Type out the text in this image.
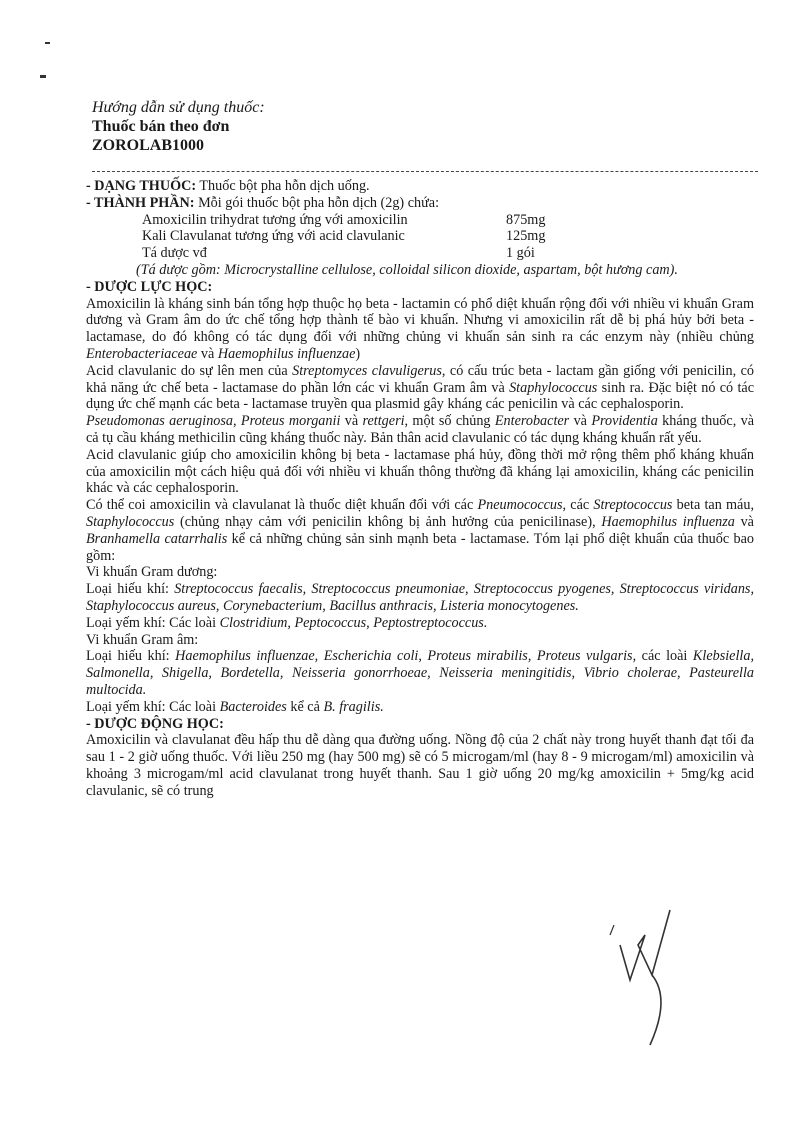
Hướng dẫn sử dụng thuốc:
Thuốc bán theo đơn
ZOROLAB1000

- DẠNG THUỐC: Thuốc bột pha hỗn dịch uống.

- THÀNH PHẦN: Mỗi gói thuốc bột pha hỗn dịch (2g) chứa:

Amoxicilin trihydrat tương ứng với amoxicilin	875mg
Kali Clavulanat tương ứng với acid clavulanic	125mg
Tá dược vđ	1 gói

(Tá dược gồm: Microcrystalline cellulose, colloidal silicon dioxide, aspartam, bột hương cam).

- DƯỢC LỰC HỌC:

Amoxicilin là kháng sinh bán tổng hợp thuộc họ beta - lactamin có phổ diệt khuẩn rộng đối với nhiều vi khuẩn Gram dương và Gram âm do ức chế tổng hợp thành tế bào vi khuẩn. Nhưng vi amoxicilin rất dễ bị phá hủy bởi beta - lactamase, do đó không có tác dụng đối với những chủng vi khuẩn sản sinh ra các enzym này (nhiều chủng Enterobacteriaceae và Haemophilus influenzae)

Acid clavulanic do sự lên men của Streptomyces clavuligerus, có cấu trúc beta - lactam gần giống với penicilin, có khả năng ức chế beta - lactamase do phần lớn các vi khuẩn Gram âm và Staphylococcus sinh ra. Đặc biệt nó có tác dụng ức chế mạnh các beta - lactamase truyền qua plasmid gây kháng các penicilin và các cephalosporin.

Pseudomonas aeruginosa, Proteus morganii và rettgeri, một số chủng Enterobacter và Providentia kháng thuốc, và cả tụ cầu kháng methicilin cũng kháng thuốc này. Bản thân acid clavulanic có tác dụng kháng khuẩn rất yếu.

Acid clavulanic giúp cho amoxicilin không bị beta - lactamase phá hủy, đồng thời mở rộng thêm phổ kháng khuẩn của amoxicilin một cách hiệu quả đối với nhiều vi khuẩn thông thường đã kháng lại amoxicilin, kháng các penicilin khác và các cephalosporin.

Có thể coi amoxicilin và clavulanat là thuốc diệt khuẩn đối với các Pneumococcus, các Streptococcus beta tan máu, Staphylococcus (chủng nhạy cảm với penicilin không bị ảnh hưởng của penicilinase), Haemophilus influenza và Branhamella catarrhalis kể cả những chủng sản sinh mạnh beta - lactamase. Tóm lại phổ diệt khuẩn của thuốc bao gồm:

Vi khuẩn Gram dương:

Loại hiếu khí: Streptococcus faecalis, Streptococcus pneumoniae, Streptococcus pyogenes, Streptococcus viridans, Staphylococcus aureus, Corynebacterium, Bacillus anthracis, Listeria monocytogenes.

Loại yếm khí: Các loài Clostridium, Peptococcus, Peptostreptococcus.

Vi khuẩn Gram âm:

Loại hiếu khí: Haemophilus influenzae, Escherichia coli, Proteus mirabilis, Proteus vulgaris, các loài Klebsiella, Salmonella, Shigella, Bordetella, Neisseria gonorrhoeae, Neisseria meningitidis, Vibrio cholerae, Pasteurella multocida.

Loại yếm khí: Các loài Bacteroides kể cả B. fragilis.

- DƯỢC ĐỘNG HỌC:

Amoxicilin và clavulanat đều hấp thu dễ dàng qua đường uống. Nồng độ của 2 chất này trong huyết thanh đạt tối đa sau 1 - 2 giờ uống thuốc. Với liều 250 mg (hay 500 mg) sẽ có 5 microgam/ml (hay 8 - 9 microgam/ml) amoxicilin và khoảng 3 microgam/ml acid clavulanat trong huyết thanh. Sau 1 giờ uống 20 mg/kg amoxicilin + 5mg/kg acid clavulanic, sẽ có trung
